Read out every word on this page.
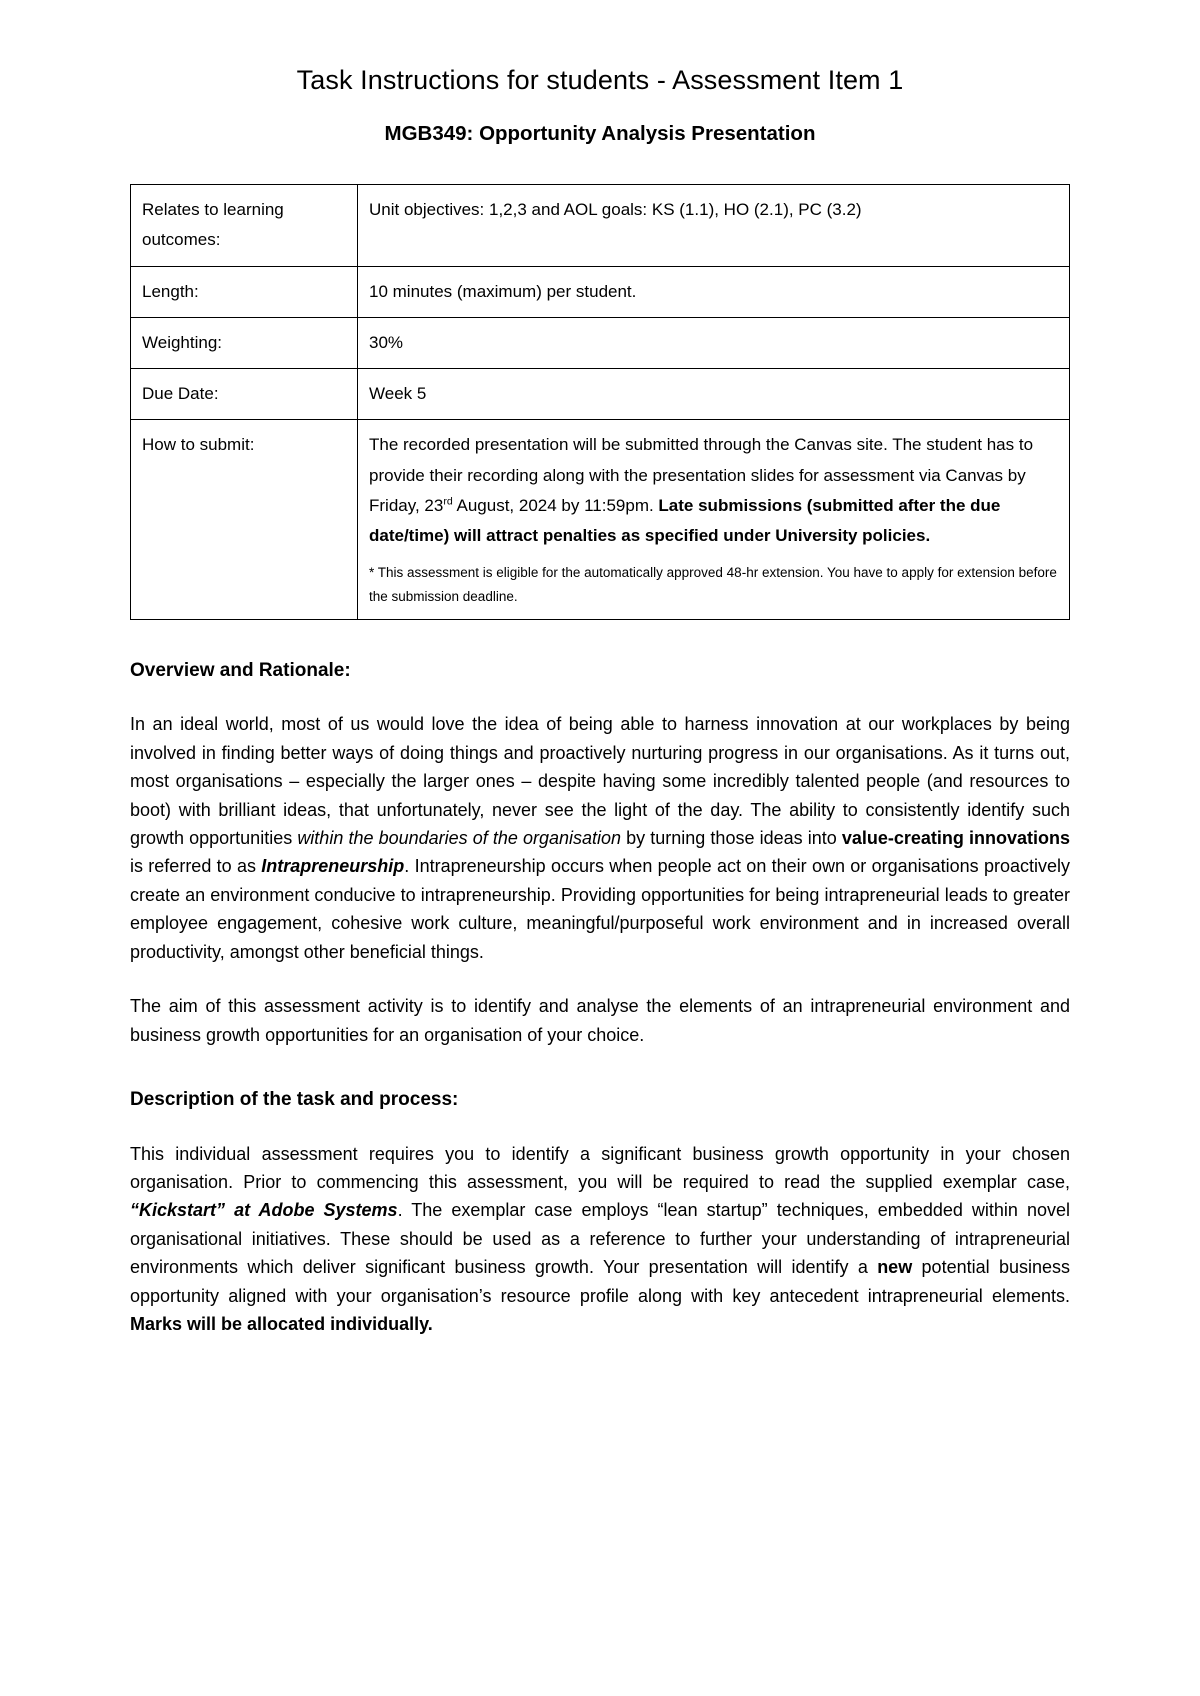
Task Instructions for students - Assessment Item 1
MGB349: Opportunity Analysis Presentation
Relates to learning outcomes:	Unit objectives: 1,2,3 and AOL goals: KS (1.1), HO (2.1), PC (3.2)
Length:	10 minutes (maximum) per student.
Weighting:	30%
Due Date:	Week 5
How to submit:	The recorded presentation will be submitted through the Canvas site. The student has to provide their recording along with the presentation slides for assessment via Canvas by Friday, 23rd August, 2024 by 11:59pm. Late submissions (submitted after the due date/time) will attract penalties as specified under University policies.
* This assessment is eligible for the automatically approved 48-hr extension. You have to apply for extension before the submission deadline.
Overview and Rationale:

In an ideal world, most of us would love the idea of being able to harness innovation at our workplaces by being involved in finding better ways of doing things and proactively nurturing progress in our organisations. As it turns out, most organisations – especially the larger ones – despite having some incredibly talented people (and resources to boot) with brilliant ideas, that unfortunately, never see the light of the day. The ability to consistently identify such growth opportunities within the boundaries of the organisation by turning those ideas into value-creating innovations is referred to as Intrapreneurship. Intrapreneurship occurs when people act on their own or organisations proactively create an environment conducive to intrapreneurship. Providing opportunities for being intrapreneurial leads to greater employee engagement, cohesive work culture, meaningful/purposeful work environment and in increased overall productivity, amongst other beneficial things.

The aim of this assessment activity is to identify and analyse the elements of an intrapreneurial environment and business growth opportunities for an organisation of your choice.

Description of the task and process:

This individual assessment requires you to identify a significant business growth opportunity in your chosen organisation. Prior to commencing this assessment, you will be required to read the supplied exemplar case, “Kickstart” at Adobe Systems. The exemplar case employs “lean startup” techniques, embedded within novel organisational initiatives. These should be used as a reference to further your understanding of intrapreneurial environments which deliver significant business growth. Your presentation will identify a new potential business opportunity aligned with your organisation’s resource profile along with key antecedent intrapreneurial elements. Marks will be allocated individually.
